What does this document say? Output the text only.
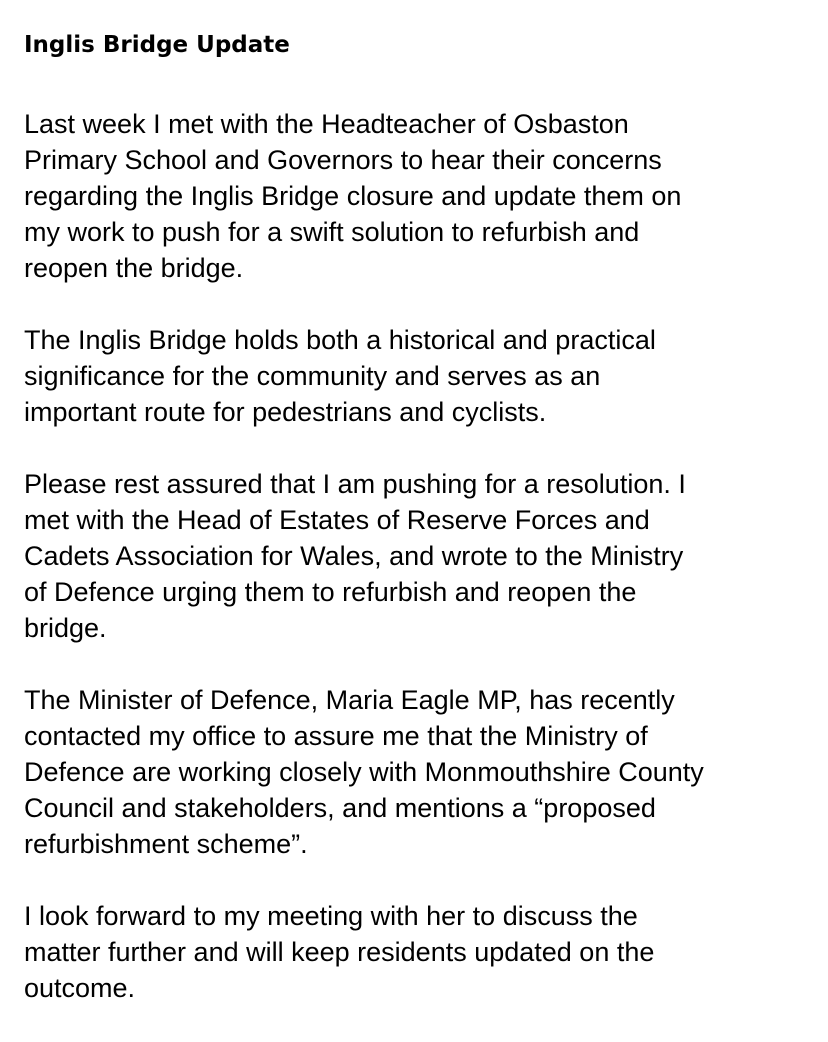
Inglis Bridge Update
Last week I met with the Headteacher of Osbaston
Primary School and Governors to hear their concerns
regarding the Inglis Bridge closure and update them on
my work to push for a swift solution to refurbish and
reopen the bridge.
The Inglis Bridge holds both a historical and practical
significance for the community and serves as an
important route for pedestrians and cyclists.
Please rest assured that I am pushing for a resolution. I
met with the Head of Estates of Reserve Forces and
Cadets Association for Wales, and wrote to the Ministry
of Defence urging them to refurbish and reopen the
bridge.
The Minister of Defence, Maria Eagle MP, has recently
contacted my office to assure me that the Ministry of
Defence are working closely with Monmouthshire County
Council and stakeholders, and mentions a “proposed
refurbishment scheme”.
I look forward to my meeting with her to discuss the
matter further and will keep residents updated on the
outcome.
